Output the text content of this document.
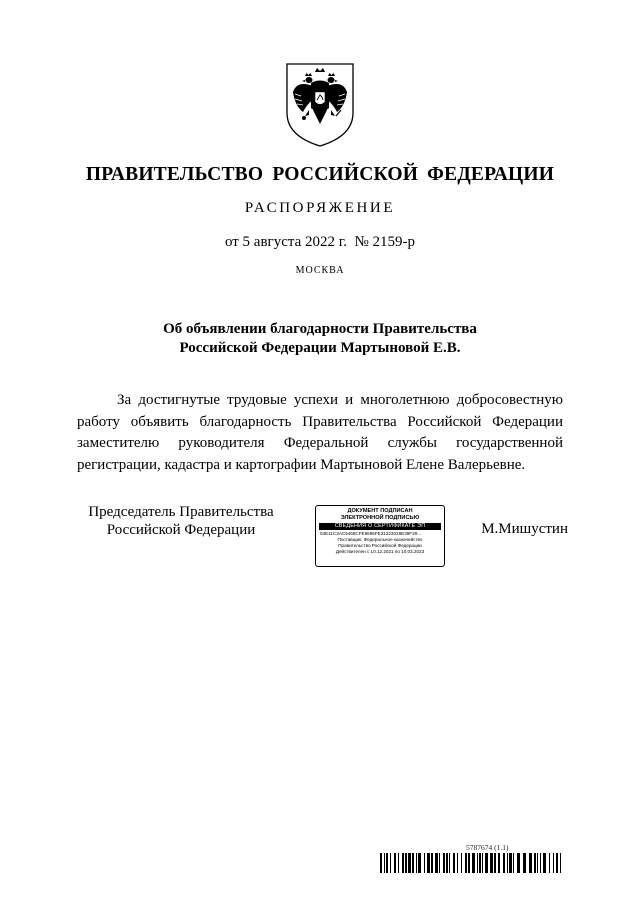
ПРАВИТЕЛЬСТВО РОССИЙСКОЙ ФЕДЕРАЦИИ
РАСПОРЯЖЕНИЕ
от 5 августа 2022 г.  № 2159-р
МОСКВА
Об объявлении благодарности Правительства
Российской Федерации Мартыновой Е.В.
За достигнутые трудовые успехи и многолетнюю добросовестную работу объявить благодарность Правительства Российской Федерации заместителю руководителя Федеральной службы государственной регистрации, кадастра и картографии Мартыновой Елене Валерьевне.
Председатель Правительства
Российской Федерации
ДОКУМЕНТ ПОДПИСАН
ЭЛЕКТРОННОЙ ПОДПИСЬЮ
СВЕДЕНИЯ О СЕРТИФИКАТЕ ЭП
04E11C3AC5468CFE8686FE21323028E39F29...
Поставщик: Федеральное казначейство
Правительство Российской Федерации
Действителен с 10.12.2021 по 10.03.2023
М.Мишустин
5787674 (1.1)
